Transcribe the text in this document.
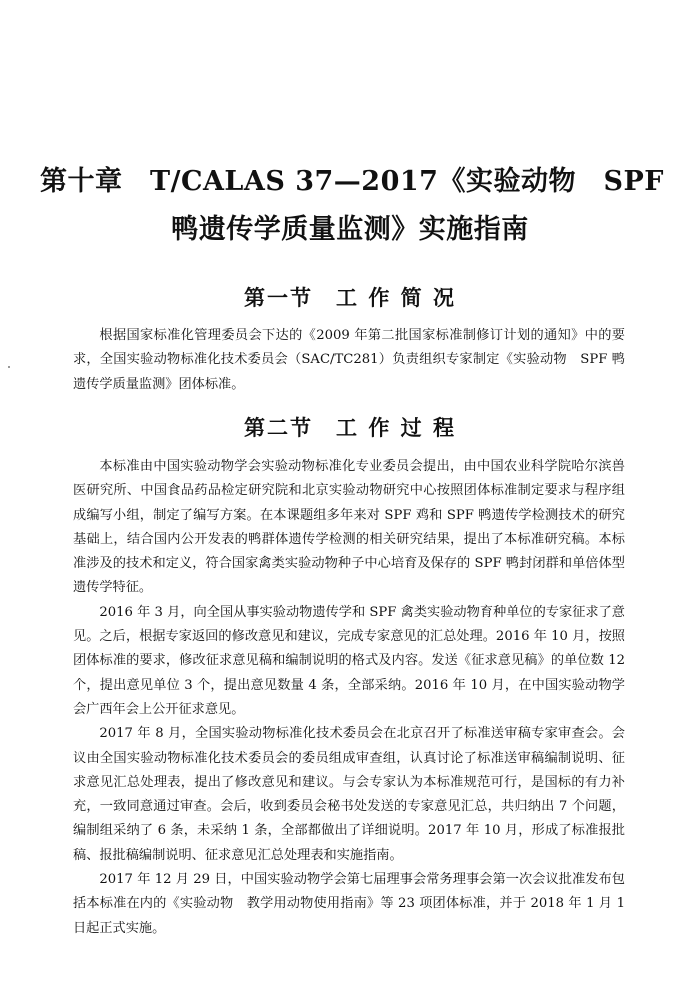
第十章　T/CALAS 37—2017《实验动物　SPF
鸭遗传学质量监测》实施指南
第一节　工 作 简 况

根据国家标准化管理委员会下达的《2009 年第二批国家标准制修订计划的通知》中的要求，全国实验动物标准化技术委员会（SAC/TC281）负责组织专家制定《实验动物　SPF 鸭遗传学质量监测》团体标准。

第二节　工 作 过 程

本标准由中国实验动物学会实验动物标准化专业委员会提出，由中国农业科学院哈尔滨兽医研究所、中国食品药品检定研究院和北京实验动物研究中心按照团体标准制定要求与程序组成编写小组，制定了编写方案。在本课题组多年来对 SPF 鸡和 SPF 鸭遗传学检测技术的研究基础上，结合国内公开发表的鸭群体遗传学检测的相关研究结果，提出了本标准研究稿。本标准涉及的技术和定义，符合国家禽类实验动物种子中心培育及保存的 SPF 鸭封闭群和单倍体型遗传学特征。

2016 年 3 月，向全国从事实验动物遗传学和 SPF 禽类实验动物育种单位的专家征求了意见。之后，根据专家返回的修改意见和建议，完成专家意见的汇总处理。2016 年 10 月，按照团体标准的要求，修改征求意见稿和编制说明的格式及内容。发送《征求意见稿》的单位数 12 个，提出意见单位 3 个，提出意见数量 4 条，全部采纳。2016 年 10 月，在中国实验动物学会广西年会上公开征求意见。

2017 年 8 月，全国实验动物标准化技术委员会在北京召开了标准送审稿专家审查会。会议由全国实验动物标准化技术委员会的委员组成审查组，认真讨论了标准送审稿编制说明、征求意见汇总处理表，提出了修改意见和建议。与会专家认为本标准规范可行，是国标的有力补充，一致同意通过审查。会后，收到委员会秘书处发送的专家意见汇总，共归纳出 7 个问题，编制组采纳了 6 条，未采纳 1 条，全部都做出了详细说明。2017 年 10 月，形成了标准报批稿、报批稿编制说明、征求意见汇总处理表和实施指南。

2017 年 12 月 29 日，中国实验动物学会第七届理事会常务理事会第一次会议批准发布包括本标准在内的《实验动物　教学用动物使用指南》等 23 项团体标准，并于 2018 年 1 月 1 日起正式实施。
